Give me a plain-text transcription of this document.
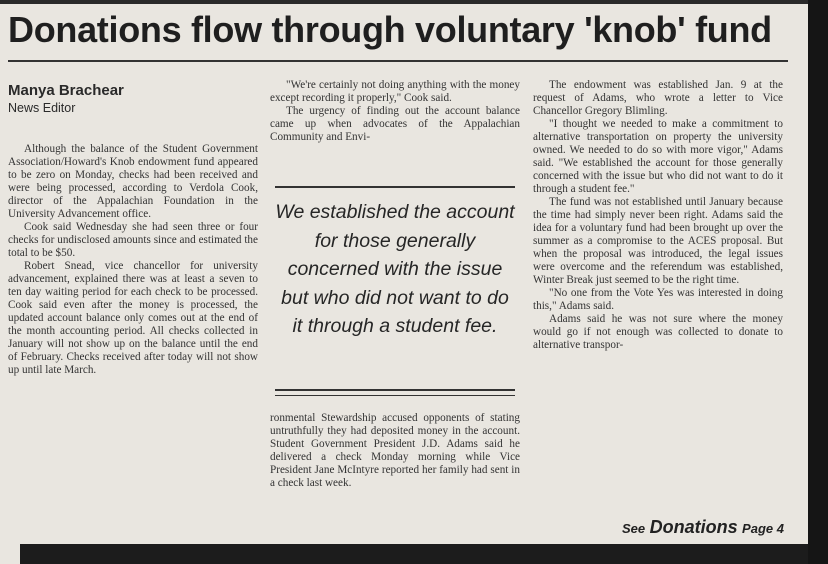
Donations flow through voluntary 'knob' fund
Manya Brachear
News Editor

Although the balance of the Student Government Association/Howard's Knob endowment fund appeared to be zero on Monday, checks had been received and were being processed, according to Verdola Cook, director of the Appalachian Foundation in the University Advancement office.

Cook said Wednesday she had seen three or four checks for undisclosed amounts since and estimated the total to be $50.

Robert Snead, vice chancellor for university advancement, explained there was at least a seven to ten day waiting period for each check to be processed. Cook said even after the money is processed, the updated account balance only comes out at the end of the month accounting period. All checks collected in January will not show up on the balance until the end of February. Checks received after today will not show up until late March.

"We're certainly not doing anything with the money except recording it properly," Cook said.

The urgency of finding out the account balance came up when advocates of the Appalachian Community and Envi-

We established the account for those generally concerned with the issue but who did not want to do it through a student fee.

ronmental Stewardship accused opponents of stating untruthfully they had deposited money in the account. Student Government President J.D. Adams said he delivered a check Monday morning while Vice President Jane McIntyre reported her family had sent in a check last week.

The endowment was established Jan. 9 at the request of Adams, who wrote a letter to Vice Chancellor Gregory Blimling.

"I thought we needed to make a commitment to alternative transportation on property the university owned. We needed to do so with more vigor," Adams said. "We established the account for those generally concerned with the issue but who did not want to do it through a student fee."

The fund was not established until January because the time had simply never been right. Adams said the idea for a voluntary fund had been brought up over the summer as a compromise to the ACES proposal. But when the proposal was introduced, the legal issues were overcome and the referendum was established, Winter Break just seemed to be the right time.

"No one from the Vote Yes was interested in doing this," Adams said.

Adams said he was not sure where the money would go if not enough was collected to donate to alternative transpor-

See Donations Page 4
